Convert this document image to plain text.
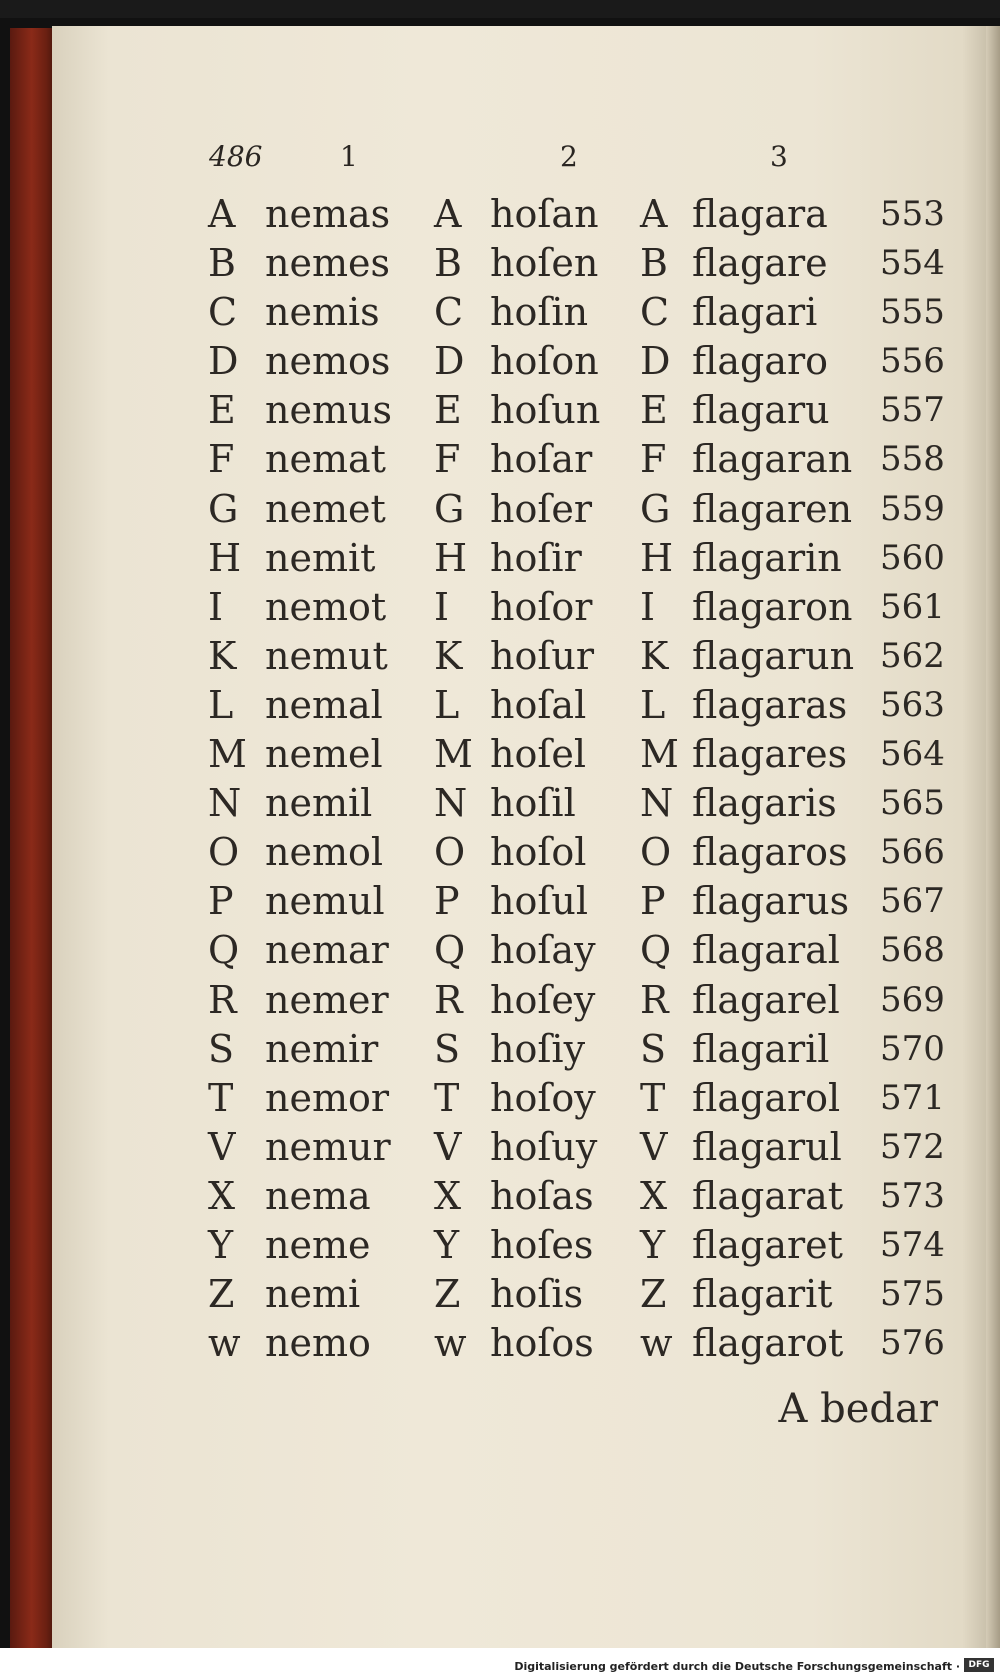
486	1	2	3
A nemas A hoſan A flagara 553
B nemes B hoſen B flagare 554
C nemis C hoſin C flagari 555
D nemos D hoſon D flagaro 556
E nemus E hoſun E flagaru 557
F nemat F hoſar F flagaran 558
G nemet G hoſer G flagaren 559
H nemit H hoſir H flagarin 560
I nemot I hoſor I flagaron 561
K nemut K hoſur K flagarun 562
L nemal L hoſal L flagaras 563
M nemel M hoſel M flagares 564
N nemil N hoſil N flagaris 565
O nemol O hoſol O flagaros 566
P nemul P hoſul P flagarus 567
Q nemar Q hoſay Q flagaral 568
R nemer R hoſey R flagarel 569
S nemir S hoſiy S flagaril 570
T nemor T hoſoy T flagarol 571
V nemur V hoſuy V flagarul 572
X nema X hoſas X flagarat 573
Y neme Y hoſes Y flagaret 574
Z nemi Z hoſis Z flagarit 575
w nemo w hoſos w flagarot 576
A bedar
Digitalisierung gefördert durch die Deutsche Forschungsgemeinschaft · DFG
